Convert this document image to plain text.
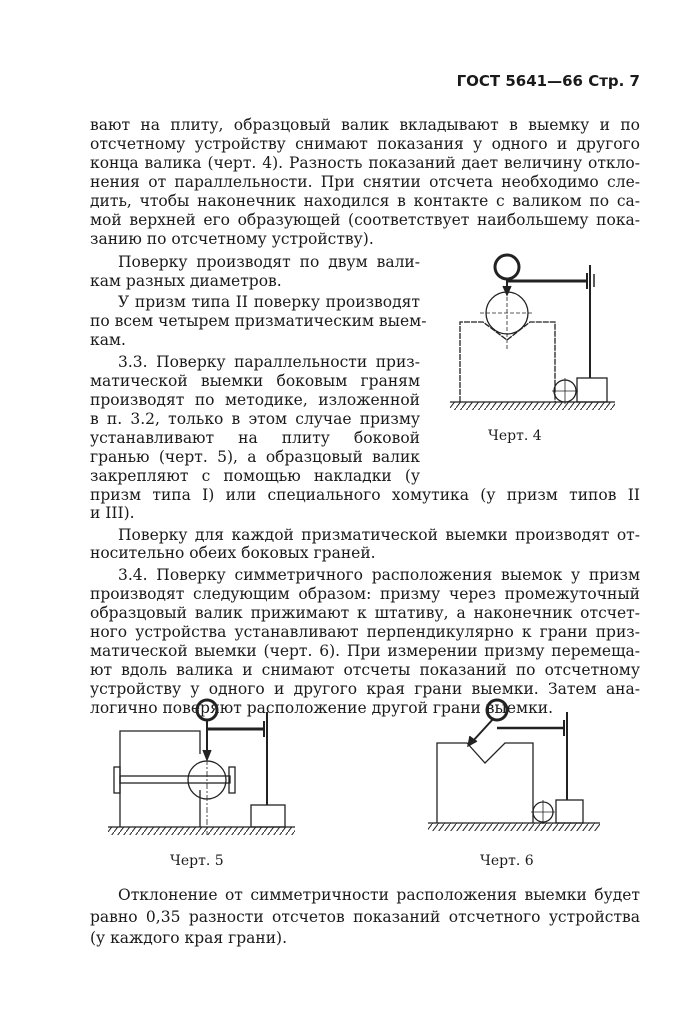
ГОСТ 5641—66 Стр. 7
вают на плиту, образцовый валик вкладывают в выемку и по
отсчетному устройству снимают показания у одного и другого
конца валика (черт. 4). Разность показаний дает величину откло-
нения от параллельности. При снятии отсчета необходимо сле-
дить, чтобы наконечник находился в контакте с валиком по са-
мой верхней его образующей (соответствует наибольшему пока-
занию по отсчетному устройству).
Поверку производят по двум вали-
кам разных диаметров.
У призм типа II поверку производят
по всем четырем призматическим выем-
кам.
3.3. Поверку параллельности приз-
матической выемки боковым граням
производят по методике, изложенной
в п. 3.2, только в этом случае призму
устанавливают на плиту боковой
гранью (черт. 5), а образцовый валик
закрепляют с помощью накладки (у
призм типа I) или специального хомутика (у призм типов II
и III).
Поверку для каждой призматической выемки производят от-
носительно обеих боковых граней.
3.4. Поверку симметричного расположения выемок у призм
производят следующим образом: призму через промежуточный
образцовый валик прижимают к штативу, а наконечник отсчет-
ного устройства устанавливают перпендикулярно к грани приз-
матической выемки (черт. 6). При измерении призму перемеща-
ют вдоль валика и снимают отсчеты показаний по отсчетному
устройству у одного и другого края грани выемки. Затем ана-
логично поверяют расположение другой грани выемки.
Отклонение от симметричности расположения выемки будет
равно 0,35 разности отсчетов показаний отсчетного устройства
(у каждого края грани).
Черт. 4
Черт. 5	Черт. 6
